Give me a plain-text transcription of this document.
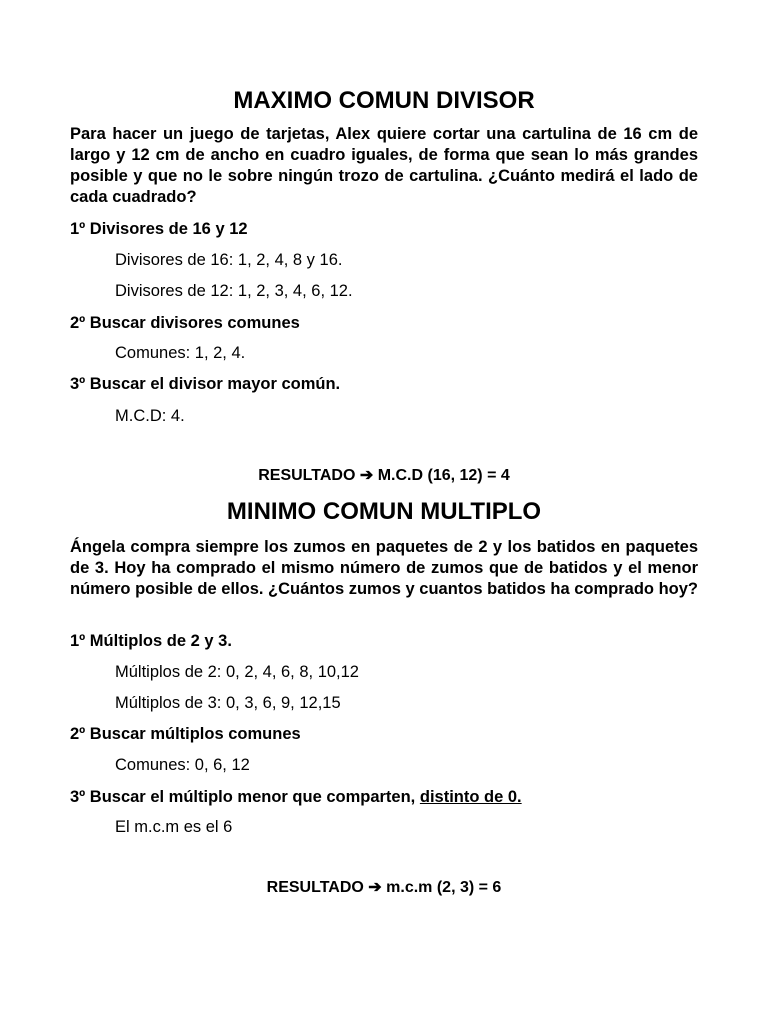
MAXIMO COMUN DIVISOR

Para hacer un juego de tarjetas, Alex quiere cortar una cartulina de 16 cm de largo y 12 cm de ancho en cuadro iguales, de forma que sean lo más grandes posible y que no le sobre ningún trozo de cartulina. ¿Cuánto medirá el lado de cada cuadrado?

1º Divisores de 16 y 12

Divisores de 16: 1, 2, 4, 8 y 16.

Divisores de 12: 1, 2, 3, 4, 6, 12.

2º Buscar divisores comunes

Comunes: 1, 2, 4.

3º Buscar el divisor mayor común.

M.C.D: 4.

RESULTADO ➔ M.C.D (16, 12) = 4

MINIMO COMUN MULTIPLO

Ángela compra siempre los zumos en paquetes de 2 y los batidos en paquetes de 3. Hoy ha comprado el mismo número de zumos que de batidos y el menor número posible de ellos. ¿Cuántos zumos y cuantos batidos ha comprado hoy?

1º Múltiplos de 2 y 3.

Múltiplos de 2: 0, 2, 4, 6, 8, 10,12

Múltiplos de 3: 0, 3, 6, 9, 12,15

2º Buscar múltiplos comunes

Comunes: 0, 6, 12

3º Buscar el múltiplo menor que comparten, distinto de 0.

El m.c.m es el 6

RESULTADO ➔ m.c.m (2, 3) = 6
